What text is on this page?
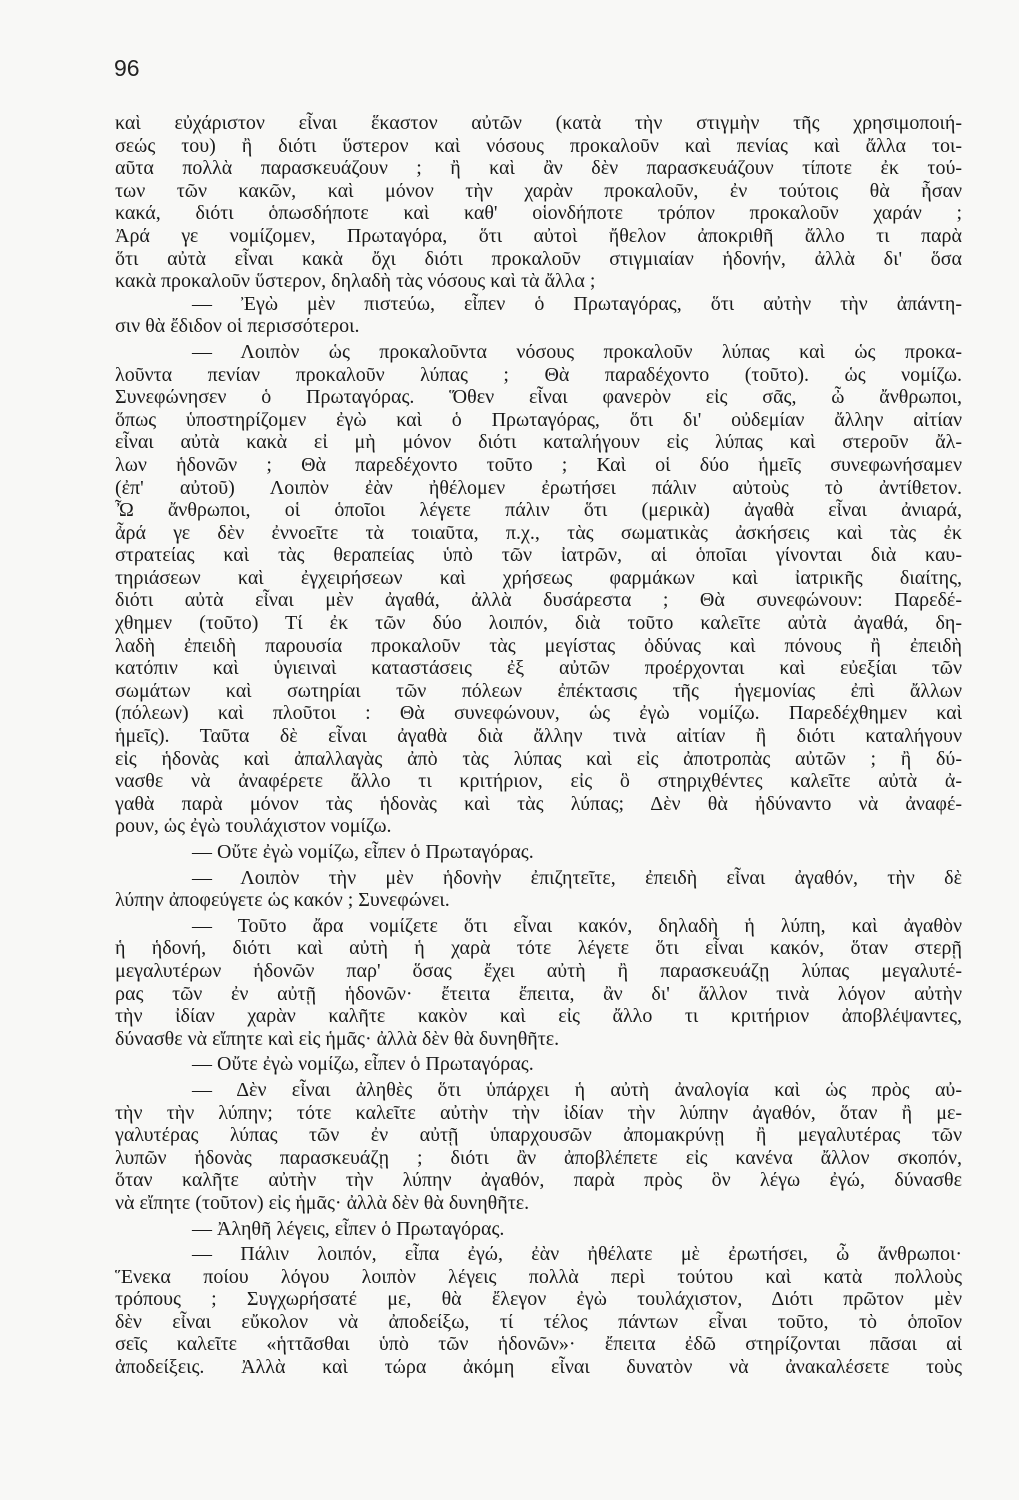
96
καὶ εὐχάριστον εἶναι ἕκαστον αὐτῶν (κατὰ τὴν στιγμὴν τῆς χρησιμοποιή-
σεώς του) ἢ διότι ὕστερον καὶ νόσους προκαλοῦν καὶ πενίας καὶ ἄλλα τοι-
αῦτα πολλὰ παρασκευάζουν ; ἢ καὶ ἂν δὲν παρασκευάζουν τίποτε ἐκ τού-
των τῶν κακῶν, καὶ μόνον τὴν χαρὰν προκαλοῦν, ἐν τούτοις θὰ ἦσαν
κακά, διότι ὁπωσδήποτε καὶ καθ' οἱονδήποτε τρόπον προκαλοῦν χαράν ;
Ἀρά γε νομίζομεν, Πρωταγόρα, ὅτι αὐτοὶ ἤθελον ἀποκριθῆ ἄλλο τι παρὰ
ὅτι αὐτὰ εἶναι κακὰ ὄχι διότι προκαλοῦν στιγμιαίαν ἡδονήν, ἀλλὰ δι' ὅσα
κακὰ προκαλοῦν ὕστερον, δηλαδὴ τὰς νόσους καὶ τὰ ἄλλα ;
— Ἐγὼ μὲν πιστεύω, εἶπεν ὁ Πρωταγόρας, ὅτι αὐτὴν τὴν ἀπάντη-
σιν θὰ ἔδιδον οἱ περισσότεροι.
— Λοιπὸν ὡς προκαλοῦντα νόσους προκαλοῦν λύπας καὶ ὡς προκα-
λοῦντα πενίαν προκαλοῦν λύπας ; Θὰ παραδέχοντο (τοῦτο). ὡς νομίζω.
Συνεφώνησεν ὁ Πρωταγόρας. Ὅθεν εἶναι φανερὸν εἰς σᾶς, ὦ ἄνθρωποι,
ὅπως ὑποστηρίζομεν ἐγὼ καὶ ὁ Πρωταγόρας, ὅτι δι' οὐδεμίαν ἄλλην αἰτίαν
εἶναι αὐτὰ κακὰ εἰ μὴ μόνον διότι καταλήγουν εἰς λύπας καὶ στεροῦν ἄλ-
λων ἡδονῶν ; Θὰ παρεδέχοντο τοῦτο ; Καὶ οἱ δύο ἡμεῖς συνεφωνήσαμεν
(ἐπ' αὐτοῦ) Λοιπὸν ἐὰν ἠθέλομεν ἐρωτήσει πάλιν αὐτοὺς τὸ ἀντίθετον.
Ὦ ἄνθρωποι, οἱ ὁποῖοι λέγετε πάλιν ὅτι (μερικὰ) ἀγαθὰ εἶναι ἀνιαρά,
ἆρά γε δὲν ἐννοεῖτε τὰ τοιαῦτα, π.χ., τὰς σωματικὰς ἀσκήσεις καὶ τὰς ἐκ
στρατείας καὶ τὰς θεραπείας ὑπὸ τῶν ἰατρῶν, αἱ ὁποῖαι γίνονται διὰ καυ-
τηριάσεων καὶ ἐγχειρήσεων καὶ χρήσεως φαρμάκων καὶ ἰατρικῆς διαίτης,
διότι αὐτὰ εἶναι μὲν ἀγαθά, ἀλλὰ δυσάρεστα ; Θὰ συνεφώνουν: Παρεδέ-
χθημεν (τοῦτο) Τί ἐκ τῶν δύο λοιπόν, διὰ τοῦτο καλεῖτε αὐτὰ ἀγαθά, δη-
λαδὴ ἐπειδὴ παρουσία προκαλοῦν τὰς μεγίστας ὀδύνας καὶ πόνους ἢ ἐπειδὴ
κατόπιν καὶ ὑγιειναὶ καταστάσεις ἐξ αὐτῶν προέρχονται καὶ εὐεξίαι τῶν
σωμάτων καὶ σωτηρίαι τῶν πόλεων ἐπέκτασις τῆς ἡγεμονίας ἐπὶ ἄλλων
(πόλεων) καὶ πλοῦτοι : Θὰ συνεφώνουν, ὡς ἐγὼ νομίζω. Παρεδέχθημεν καὶ
ἡμεῖς). Ταῦτα δὲ εἶναι ἀγαθὰ διὰ ἄλλην τινὰ αἰτίαν ἢ διότι καταλήγουν
εἰς ἡδονὰς καὶ ἀπαλλαγὰς ἀπὸ τὰς λύπας καὶ εἰς ἀποτροπὰς αὐτῶν ; ἢ δύ-
νασθε νὰ ἀναφέρετε ἄλλο τι κριτήριον, εἰς ὃ στηριχθέντες καλεῖτε αὐτὰ ἀ-
γαθὰ παρὰ μόνον τὰς ἡδονὰς καὶ τὰς λύπας; Δὲν θὰ ἠδύναντο νὰ ἀναφέ-
ρουν, ὡς ἐγὼ τουλάχιστον νομίζω.
— Οὔτε ἐγὼ νομίζω, εἶπεν ὁ Πρωταγόρας.
— Λοιπὸν τὴν μὲν ἡδονὴν ἐπιζητεῖτε, ἐπειδὴ εἶναι ἀγαθόν, τὴν δὲ
λύπην ἀποφεύγετε ὡς κακόν ; Συνεφώνει.
— Τοῦτο ἄρα νομίζετε ὅτι εἶναι κακόν, δηλαδὴ ἡ λύπη, καὶ ἀγαθὸν
ἡ ἡδονή, διότι καὶ αὐτὴ ἡ χαρὰ τότε λέγετε ὅτι εἶναι κακόν, ὅταν στερῇ
μεγαλυτέρων ἡδονῶν παρ' ὅσας ἔχει αὐτὴ ἢ παρασκευάζῃ λύπας μεγαλυτέ-
ρας τῶν ἐν αὐτῇ ἡδονῶν· ἔτειτα ἔπειτα, ἂν δι' ἄλλον τινὰ λόγον αὐτὴν
τὴν ἰδίαν χαρὰν καλῆτε κακὸν καὶ εἰς ἄλλο τι κριτήριον ἀποβλέψαντες,
δύνασθε νὰ εἴπητε καὶ εἰς ἡμᾶς· ἀλλὰ δὲν θὰ δυνηθῆτε.
— Οὔτε ἐγὼ νομίζω, εἶπεν ὁ Πρωταγόρας.
— Δὲν εἶναι ἀληθὲς ὅτι ὑπάρχει ἡ αὐτὴ ἀναλογία καὶ ὡς πρὸς αὐ-
τὴν τὴν λύπην; τότε καλεῖτε αὐτὴν τὴν ἰδίαν τὴν λύπην ἀγαθόν, ὅταν ἢ με-
γαλυτέρας λύπας τῶν ἐν αὐτῇ ὑπαρχουσῶν ἀπομακρύνῃ ἢ μεγαλυτέρας τῶν
λυπῶν ἡδονὰς παρασκευάζῃ ; διότι ἂν ἀποβλέπετε εἰς κανένα ἄλλον σκοπόν,
ὅταν καλῆτε αὐτὴν τὴν λύπην ἀγαθόν, παρὰ πρὸς ὃν λέγω ἐγώ, δύνασθε
νὰ εἴπητε (τοῦτον) εἰς ἡμᾶς· ἀλλὰ δὲν θὰ δυνηθῆτε.
— Ἀληθῆ λέγεις, εἶπεν ὁ Πρωταγόρας.
— Πάλιν λοιπόν, εἶπα ἐγώ, ἐὰν ἠθέλατε μὲ ἐρωτήσει, ὦ ἄνθρωποι·
Ἕνεκα ποίου λόγου λοιπὸν λέγεις πολλὰ περὶ τούτου καὶ κατὰ πολλοὺς
τρόπους ; Συγχωρήσατέ με, θὰ ἔλεγον ἐγὼ τουλάχιστον, Διότι πρῶτον μὲν
δὲν εἶναι εὔκολον νὰ ἀποδείξω, τί τέλος πάντων εἶναι τοῦτο, τὸ ὁποῖον
σεῖς καλεῖτε «ἡττᾶσθαι ὑπὸ τῶν ἡδονῶν»· ἔπειτα ἐδῶ στηρίζονται πᾶσαι αἱ
ἀποδείξεις. Ἀλλὰ καὶ τώρα ἀκόμη εἶναι δυνατὸν νὰ ἀνακαλέσετε τοὺς
